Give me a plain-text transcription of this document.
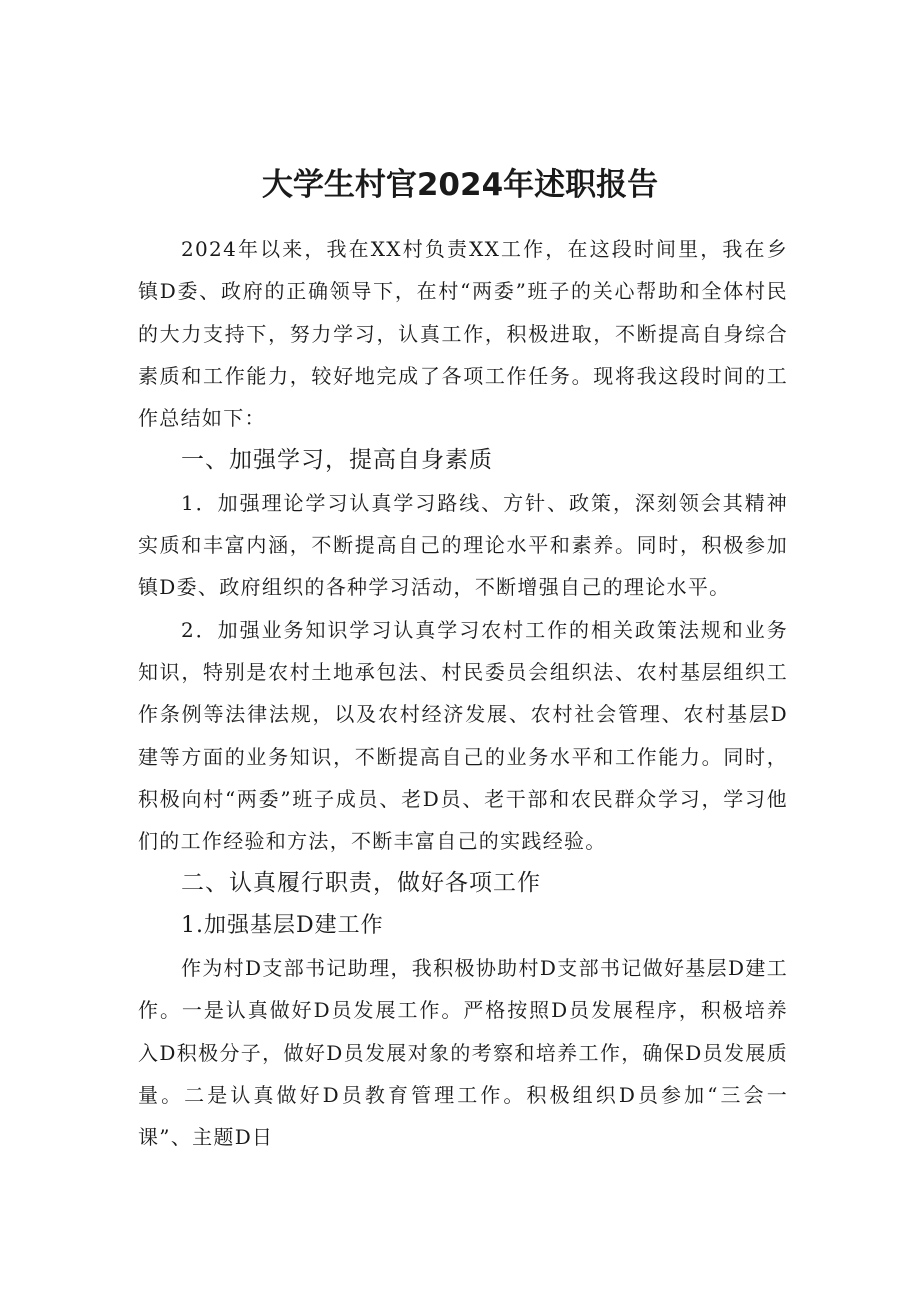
大学生村官2024年述职报告

2024年以来，我在XX村负责XX工作，在这段时间里，我在乡镇D委、政府的正确领导下，在村“两委”班子的关心帮助和全体村民的大力支持下，努力学习，认真工作，积极进取，不断提高自身综合素质和工作能力，较好地完成了各项工作任务。现将我这段时间的工作总结如下：

一、加强学习，提高自身素质

1．加强理论学习认真学习路线、方针、政策，深刻领会其精神实质和丰富内涵，不断提高自己的理论水平和素养。同时，积极参加镇D委、政府组织的各种学习活动，不断增强自己的理论水平。

2．加强业务知识学习认真学习农村工作的相关政策法规和业务知识，特别是农村土地承包法、村民委员会组织法、农村基层组织工作条例等法律法规，以及农村经济发展、农村社会管理、农村基层D建等方面的业务知识，不断提高自己的业务水平和工作能力。同时，积极向村“两委”班子成员、老D员、老干部和农民群众学习，学习他们的工作经验和方法，不断丰富自己的实践经验。

二、认真履行职责，做好各项工作

1.加强基层D建工作

作为村D支部书记助理，我积极协助村D支部书记做好基层D建工作。一是认真做好D员发展工作。严格按照D员发展程序，积极培养入D积极分子，做好D员发展对象的考察和培养工作，确保D员发展质量。二是认真做好D员教育管理工作。积极组织D员参加“三会一课”、主题D日
